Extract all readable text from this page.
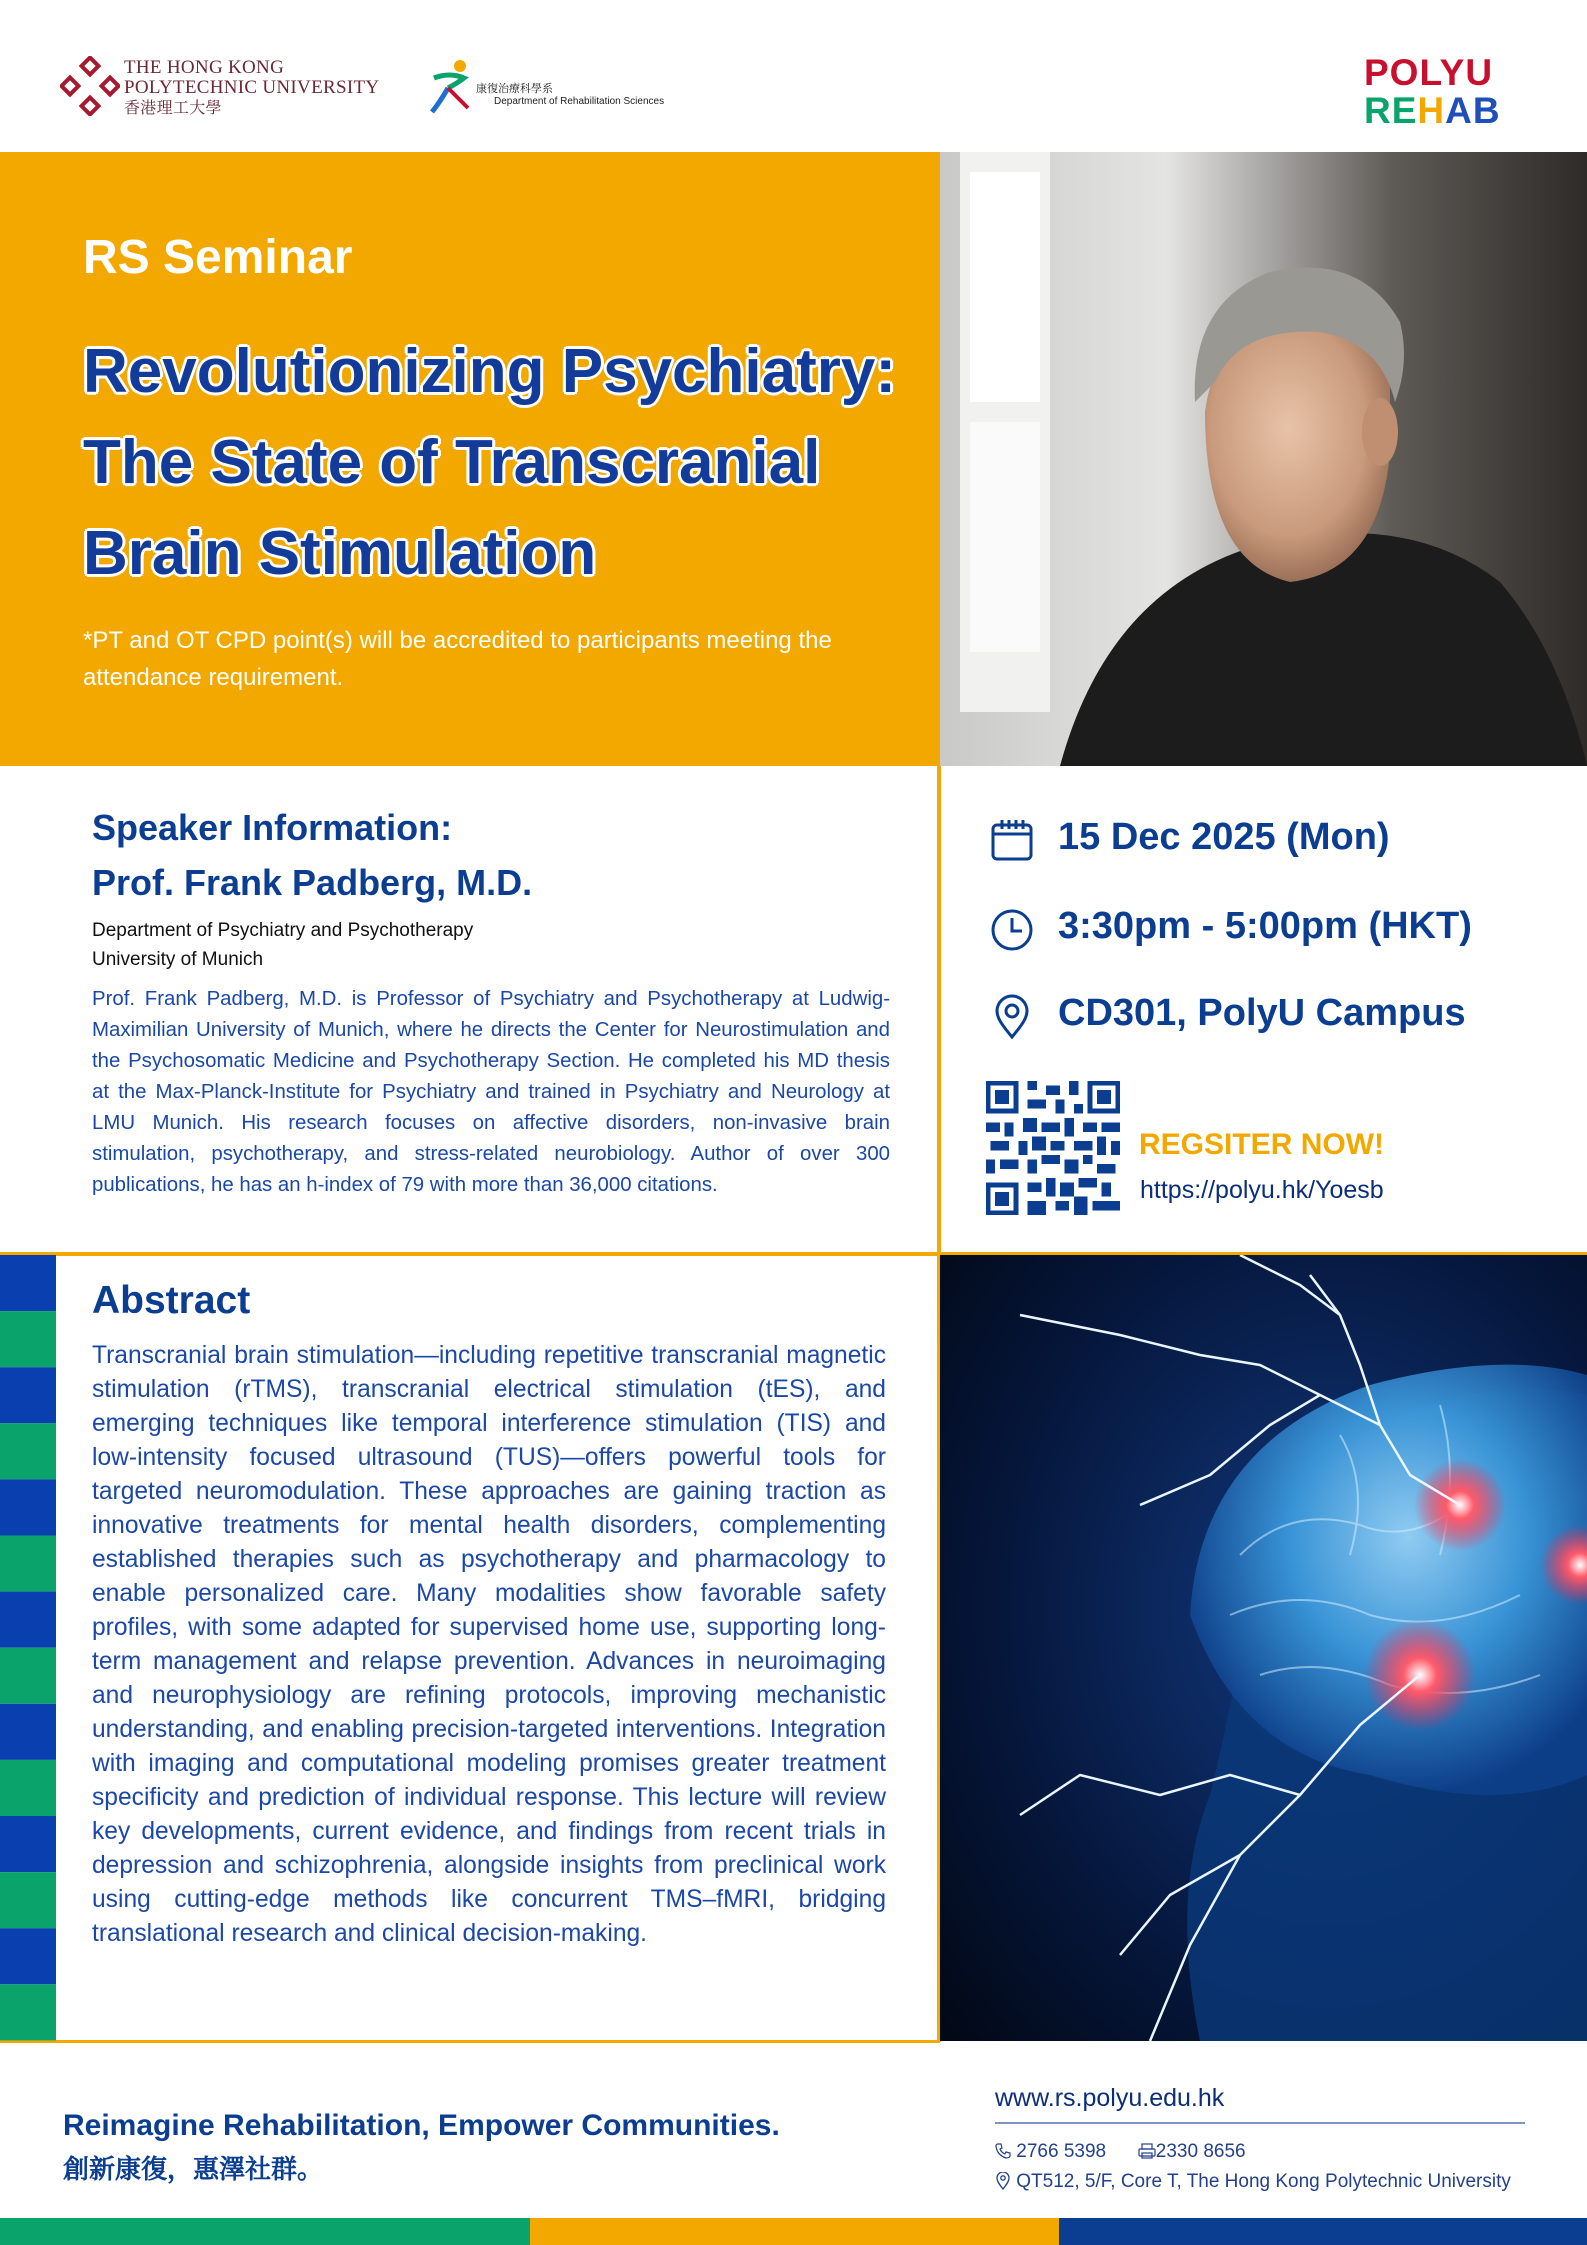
THE HONG KONG
POLYTECHNIC UNIVERSITY
香港理工大學
康復治療科學系
Department of Rehabilitation Sciences
POLYU
REHAB
RS Seminar
Revolutionizing Psychiatry:
The State of Transcranial
Brain Stimulation
*PT and OT CPD point(s) will be accredited to participants meeting the attendance requirement.
Speaker Information:
Prof. Frank Padberg, M.D.
Department of Psychiatry and Psychotherapy
University of Munich
Prof. Frank Padberg, M.D. is Professor of Psychiatry and Psychotherapy at Ludwig-Maximilian University of Munich, where he directs the Center for Neurostimulation and the Psychosomatic Medicine and Psychotherapy Section. He completed his MD thesis at the Max-Planck-Institute for Psychiatry and trained in Psychiatry and Neurology at LMU Munich. His research focuses on affective disorders, non-invasive brain stimulation, psychotherapy, and stress-related neurobiology. Author of over 300 publications, he has an h-index of 79 with more than 36,000 citations.
15 Dec 2025 (Mon)
3:30pm - 5:00pm (HKT)
CD301, PolyU Campus
REGSITER NOW!
https://polyu.hk/Yoesb
Abstract
Transcranial brain stimulation—including repetitive transcranial magnetic stimulation (rTMS), transcranial electrical stimulation (tES), and emerging techniques like temporal interference stimulation (TIS) and low-intensity focused ultrasound (TUS)—offers powerful tools for targeted neuromodulation. These approaches are gaining traction as innovative treatments for mental health disorders, complementing established therapies such as psychotherapy and pharmacology to enable personalized care. Many modalities show favorable safety profiles, with some adapted for supervised home use, supporting long-term management and relapse prevention. Advances in neuroimaging and neurophysiology are refining protocols, improving mechanistic understanding, and enabling precision-targeted interventions. Integration with imaging and computational modeling promises greater treatment specificity and prediction of individual response. This lecture will review key developments, current evidence, and findings from recent trials in depression and schizophrenia, alongside insights from preclinical work using cutting-edge methods like concurrent TMS–fMRI, bridging translational research and clinical decision-making.
Reimagine Rehabilitation, Empower Communities.
創新康復，惠澤社群。
www.rs.polyu.edu.hk
2766 5398	2330 8656
QT512, 5/F, Core T, The Hong Kong Polytechnic University
